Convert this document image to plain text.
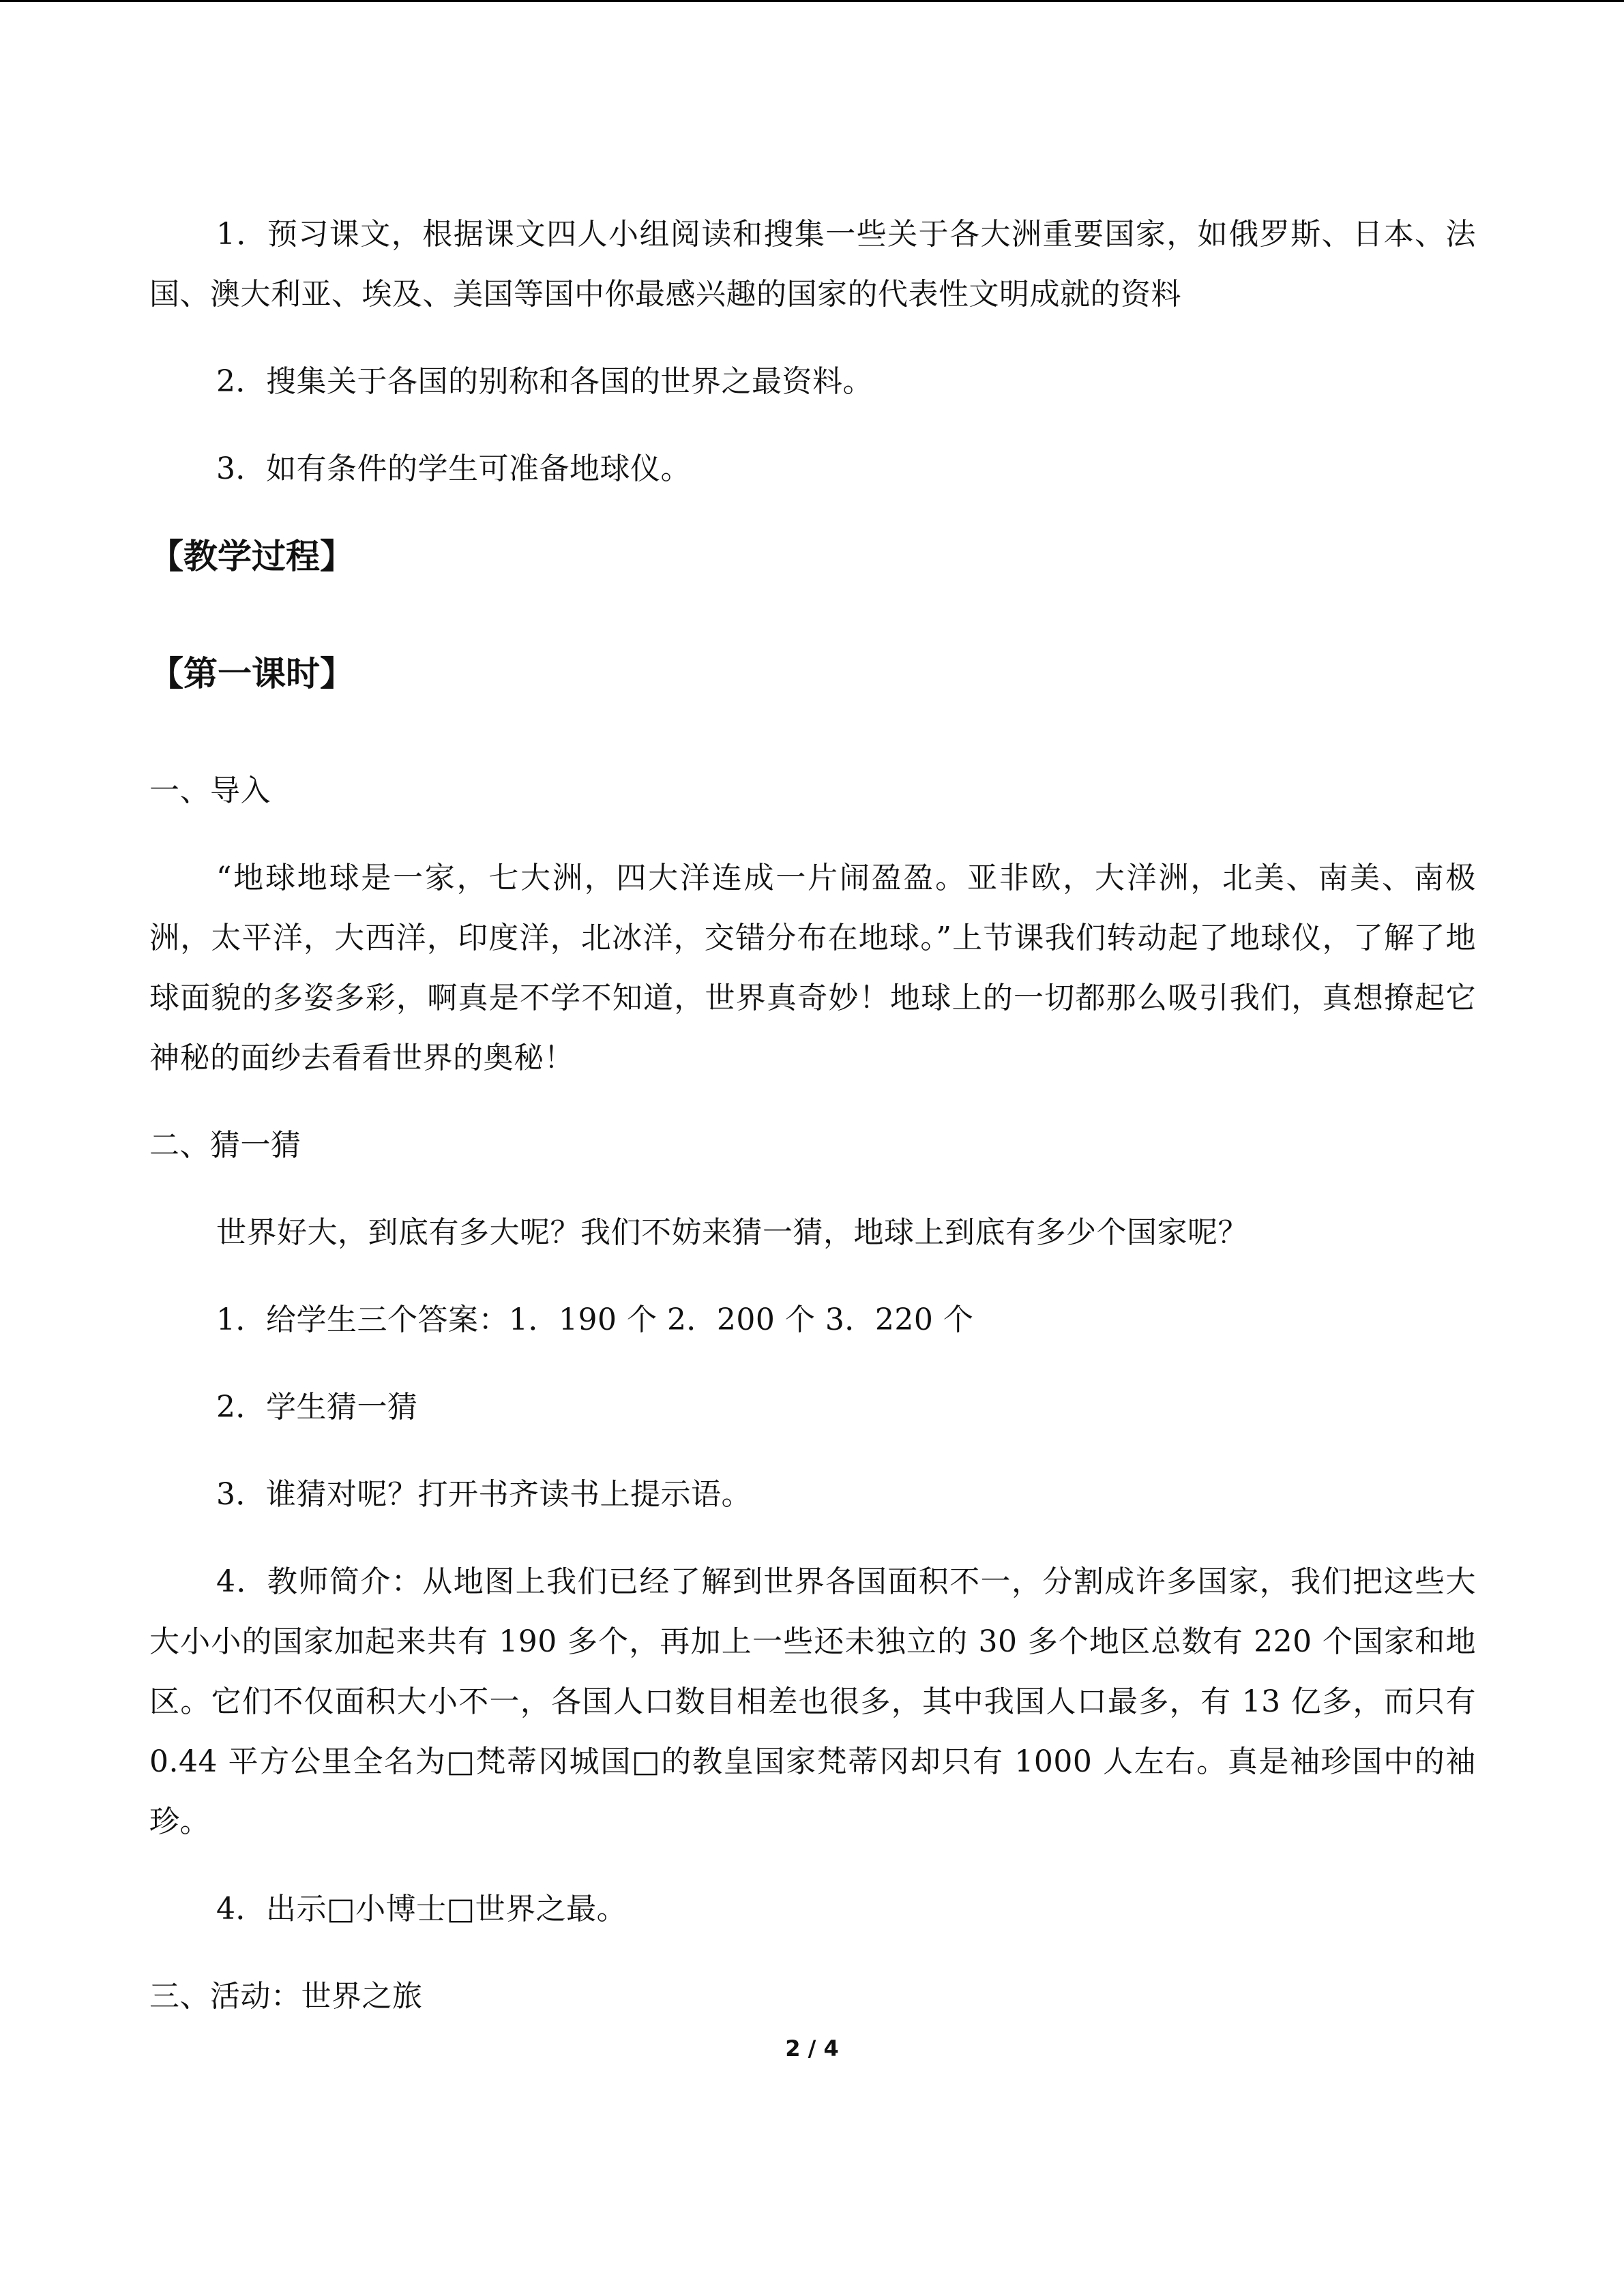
1．预习课文，根据课文四人小组阅读和搜集一些关于各大洲重要国家，如俄罗斯、日本、法国、澳大利亚、埃及、美国等国中你最感兴趣的国家的代表性文明成就的资料

2．搜集关于各国的别称和各国的世界之最资料。

3．如有条件的学生可准备地球仪。

【教学过程】
【第一课时】

一、导入

“地球地球是一家，七大洲，四大洋连成一片闹盈盈。亚非欧，大洋洲，北美、南美、南极洲，太平洋，大西洋，印度洋，北冰洋，交错分布在地球。”上节课我们转动起了地球仪，了解了地球面貌的多姿多彩，啊真是不学不知道，世界真奇妙！地球上的一切都那么吸引我们，真想撩起它神秘的面纱去看看世界的奥秘！

二、猜一猜

世界好大，到底有多大呢？我们不妨来猜一猜，地球上到底有多少个国家呢？

1．给学生三个答案：1．190 个 2．200 个 3．220 个

2．学生猜一猜

3．谁猜对呢？打开书齐读书上提示语。

4．教师简介：从地图上我们已经了解到世界各国面积不一，分割成许多国家，我们把这些大大小小的国家加起来共有 190 多个，再加上一些还未独立的 30 多个地区总数有 220 个国家和地区。它们不仅面积大小不一，各国人口数目相差也很多，其中我国人口最多，有 13 亿多，而只有 0.44 平方公里全名为□梵蒂冈城国□的教皇国家梵蒂冈却只有 1000 人左右。真是袖珍国中的袖珍。

4．出示□小博士□世界之最。

三、活动：世界之旅

2 / 4
